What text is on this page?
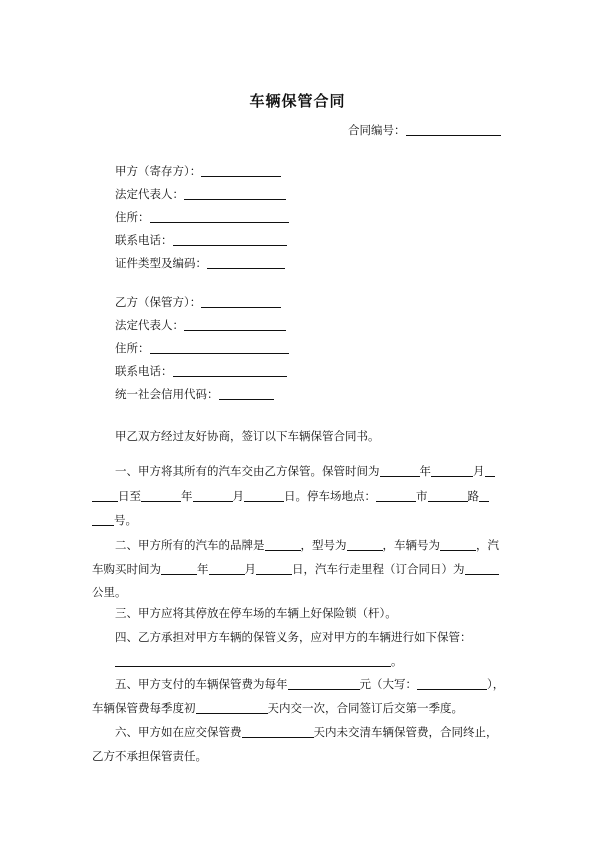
车辆保管合同
合同编号：
甲方（寄存方）：
法定代表人：
住所：
联系电话：
证件类型及编码：
乙方（保管方）：
法定代表人：
住所：
联系电话：
统一社会信用代码：
甲乙双方经过友好协商，签订以下车辆保管合同书。
一、甲方将其所有的汽车交由乙方保管。保管时间为	年	月
日至	年	月	日。停车场地点：	市	路
号。
二、甲方所有的汽车的品牌是	，型号为	，车辆号为	，汽
车购买时间为	年	月	日，汽车行走里程（订合同日）为
公里。
三、甲方应将其停放在停车场的车辆上好保险锁（杆）。
四、乙方承担对甲方车辆的保管义务，应对甲方的车辆进行如下保管：
。
五、甲方支付的车辆保管费为每年	元（大写：	），
车辆保管费每季度初	天内交一次，合同签订后交第一季度。
六、甲方如在应交保管费	天内未交清车辆保管费，合同终止，
乙方不承担保管责任。
